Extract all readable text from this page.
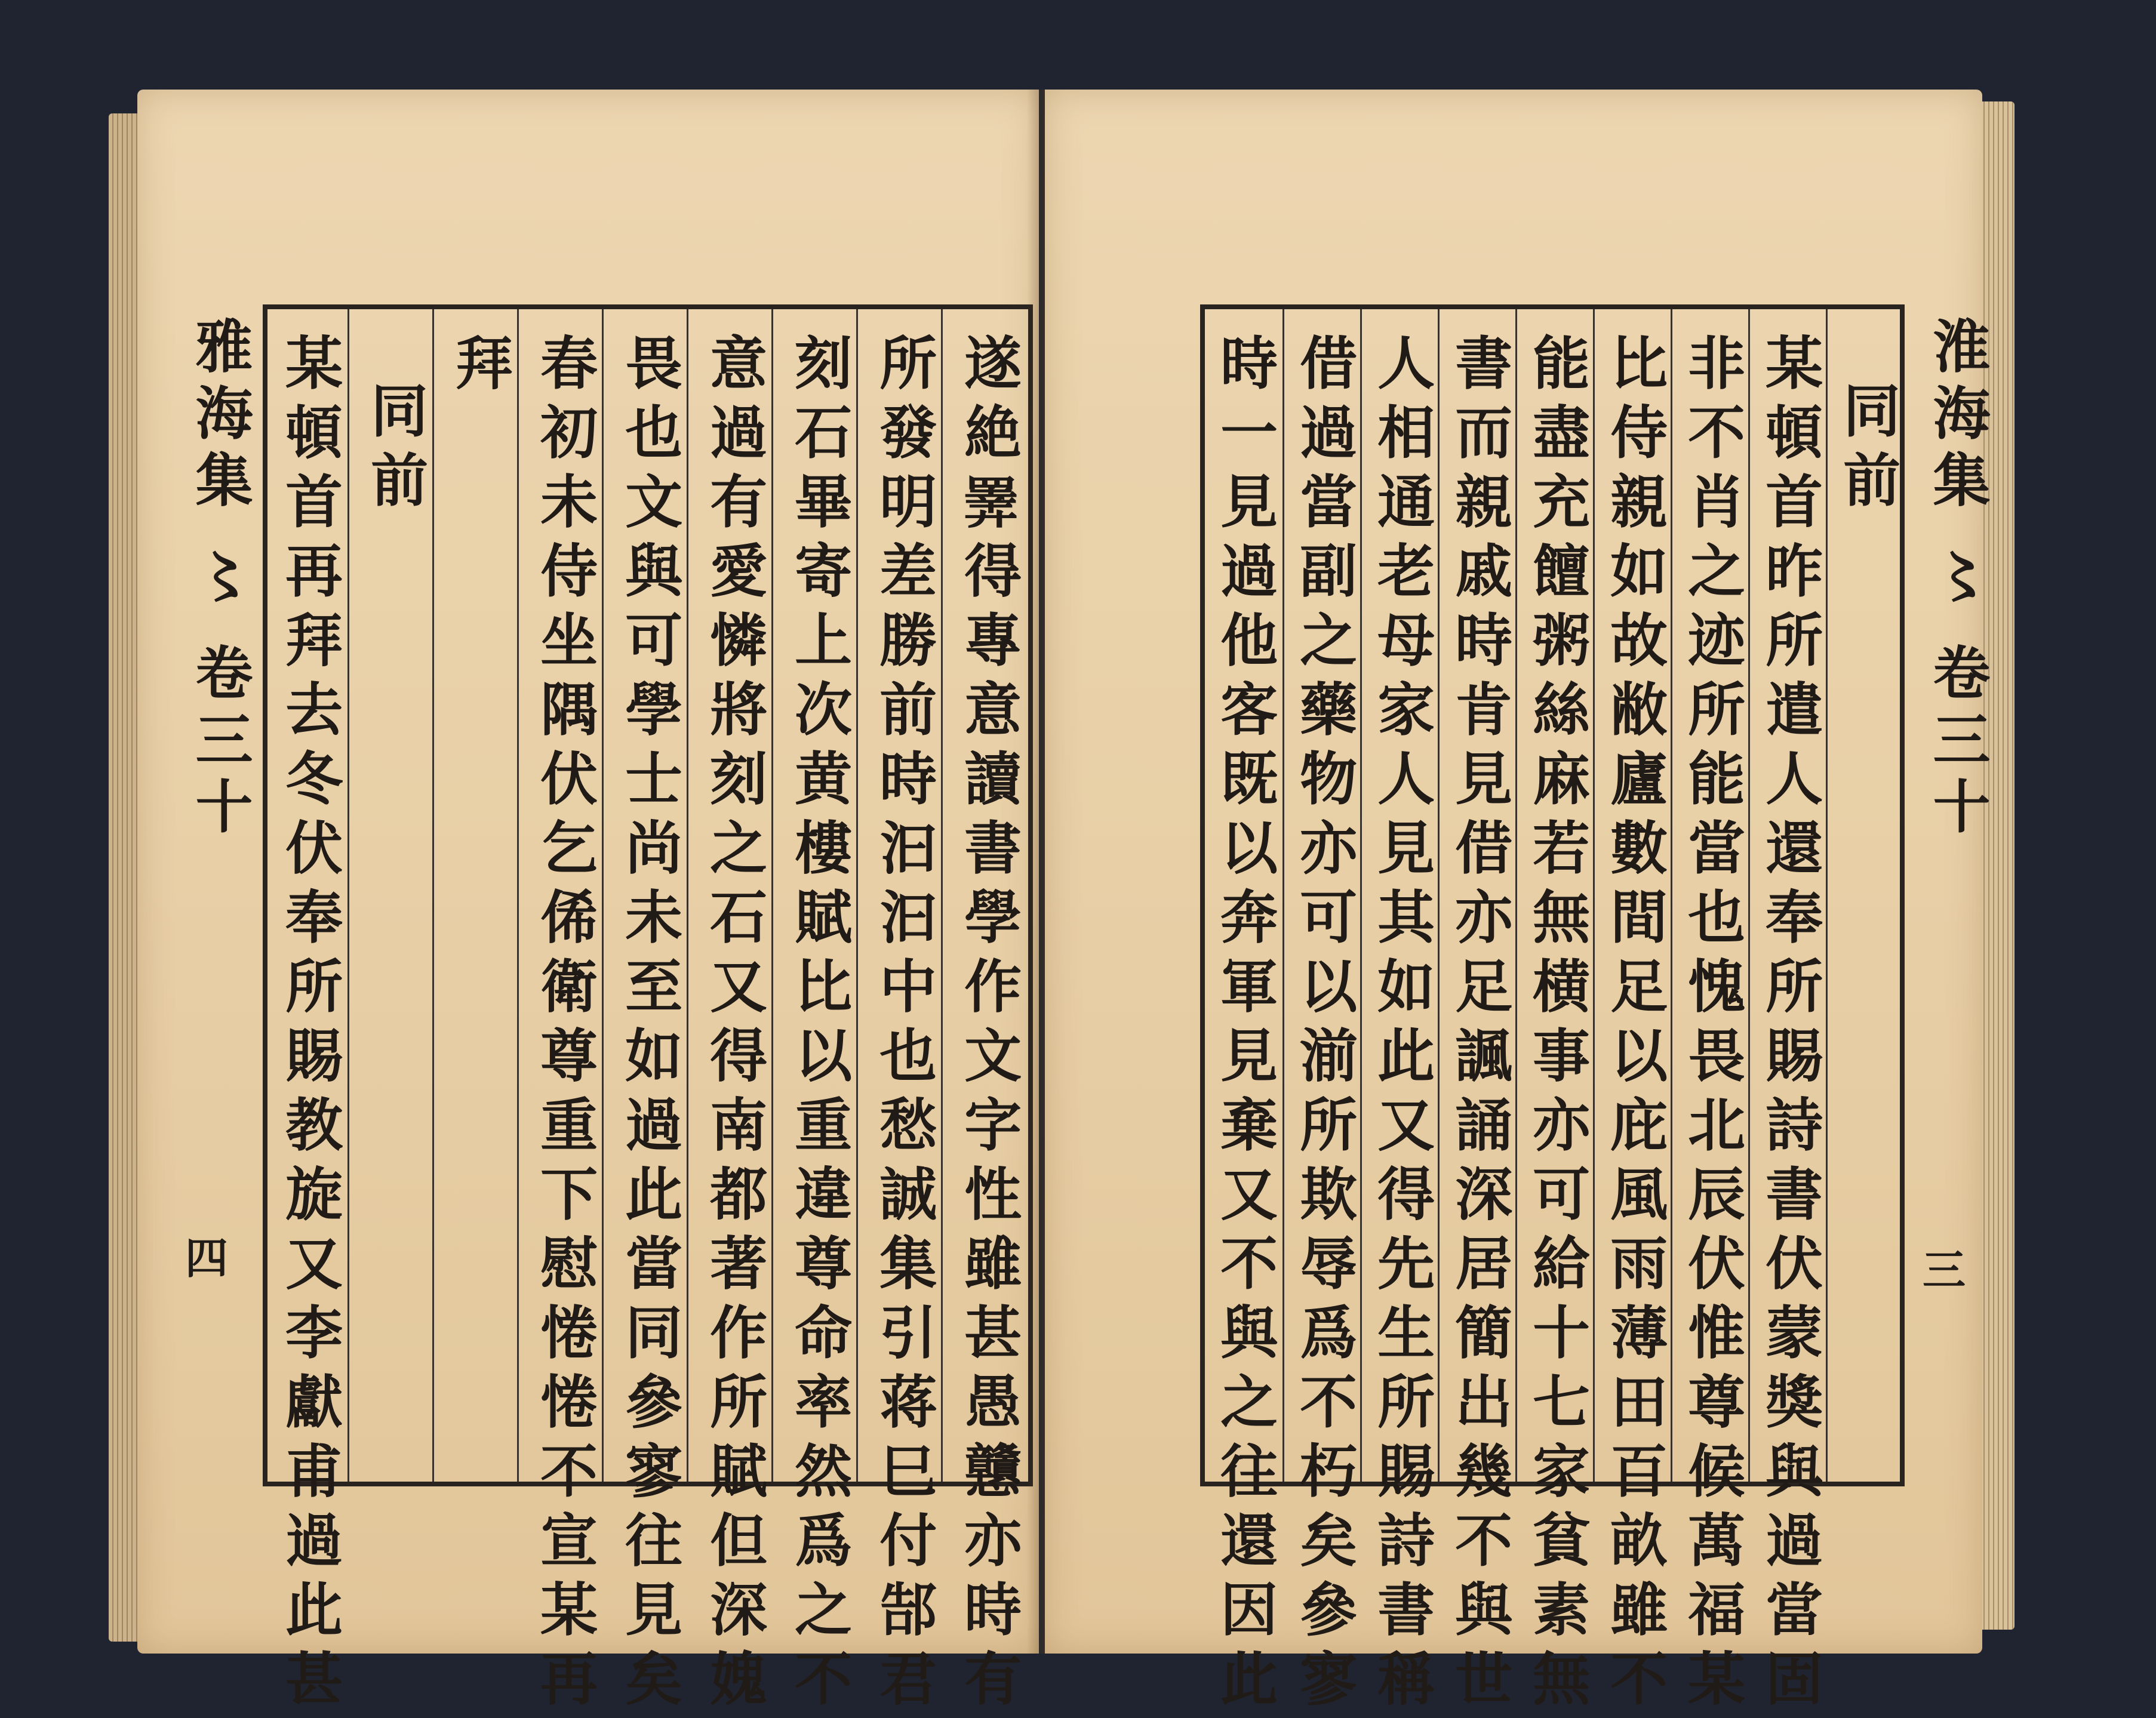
遂絶𢍰得專意讀書學作文字性雖甚愚戇亦時有
所發明差勝前時汩汩中也愁誠集引蒋巳付郜君
刻石畢寄上次黄樓賦比以重違尊命率然爲之不
意過有愛憐將刻之石又得南都著作所賦但深媿
畏也文與可學士尚未至如過此當同參寥往見矣
春初未侍坐隅伏乞俙衛尊重下慰惓惓不宣某再
拜
同前
某頓首再拜去冬伏奉所賜教旋又李獻甫過此甚
雅海集 〻 卷三十
四
同前
某頓首昨所遣人還奉所賜詩書伏蒙獎與過當固
非不肖之迹所能當也愧畏北辰伏惟尊候萬福某
比侍親如故敝廬數間足以庇風雨薄田百畝雖不
能盡充饘粥絲麻若無横事亦可給十七家貧素無
書而親戚時肯見借亦足諷誦深居簡出幾不與世
人相通老母家人見其如此又得先生所賜詩書稱
借過當副之藥物亦可以湔所欺辱爲不朽矣參寥
時一見過他客既以奔軍見棄又不與之往還因此	淮海集 〻 卷三十
三
